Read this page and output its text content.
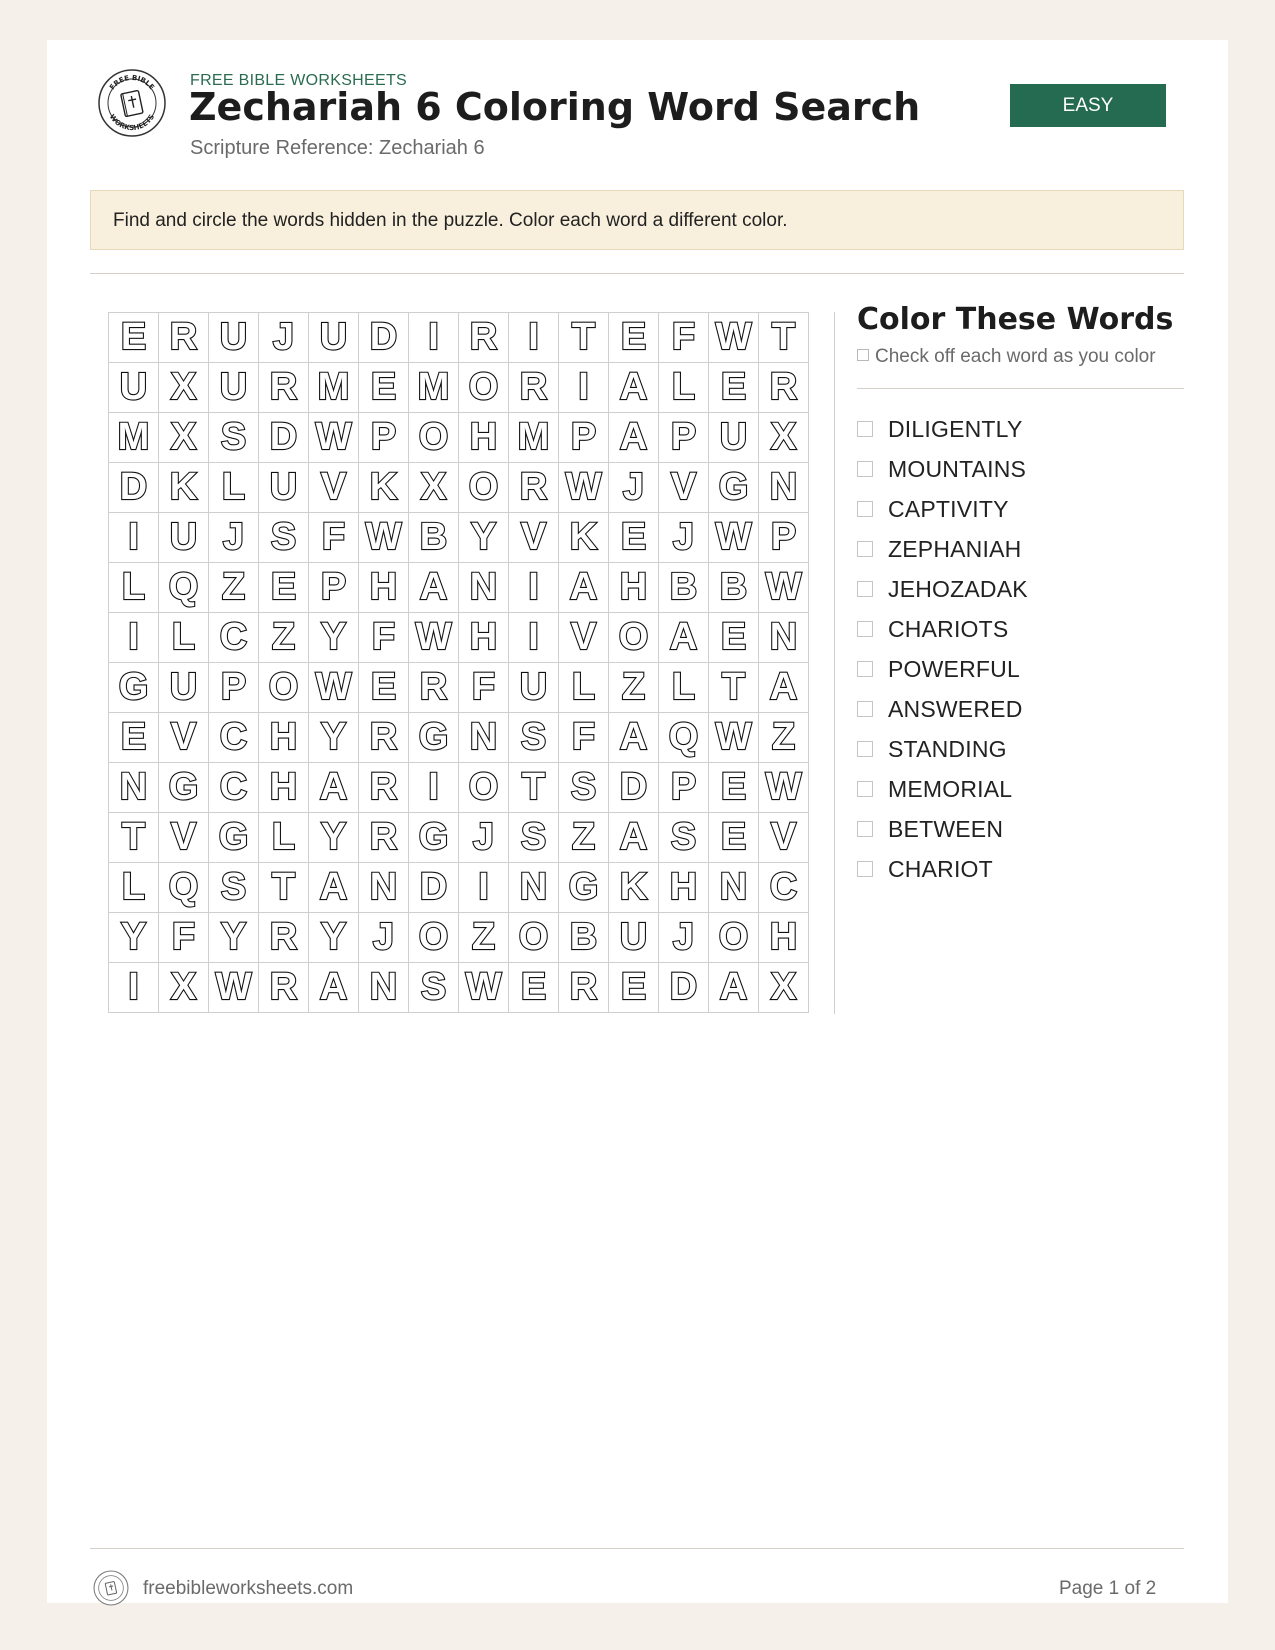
FREE BIBLE
WORKSHEETS
FREE BIBLE WORKSHEETS
Zechariah 6 Coloring Word Search
Scripture Reference: Zechariah 6
EASY
Find and circle the words hidden in the puzzle. Color each word a different color.
E R U J U D I R I T E F W T
U X U R M E M O R I A L E R
M X S D W P O H M P A P U X
D K L U V K X O R W J V G N
I U J S F W B Y V K E J W P
L Q Z E P H A N I A H B B W
I L C Z Y F W H I V O A E N
G U P O W E R F U L Z L T A
E V C H Y R G N S F A Q W Z
N G C H A R I O T S D P E W
T V G L Y R G J S Z A S E V
L Q S T A N D I N G K H N C
Y F Y R Y J O Z O B U J O H
I X W R A N S W E R E D A X
Color These Words
Check off each word as you color
DILIGENTLY
MOUNTAINS
CAPTIVITY
ZEPHANIAH
JEHOZADAK
CHARIOTS
POWERFUL
ANSWERED
STANDING
MEMORIAL
BETWEEN
CHARIOT
freebibleworksheets.com	Page 1 of 2
